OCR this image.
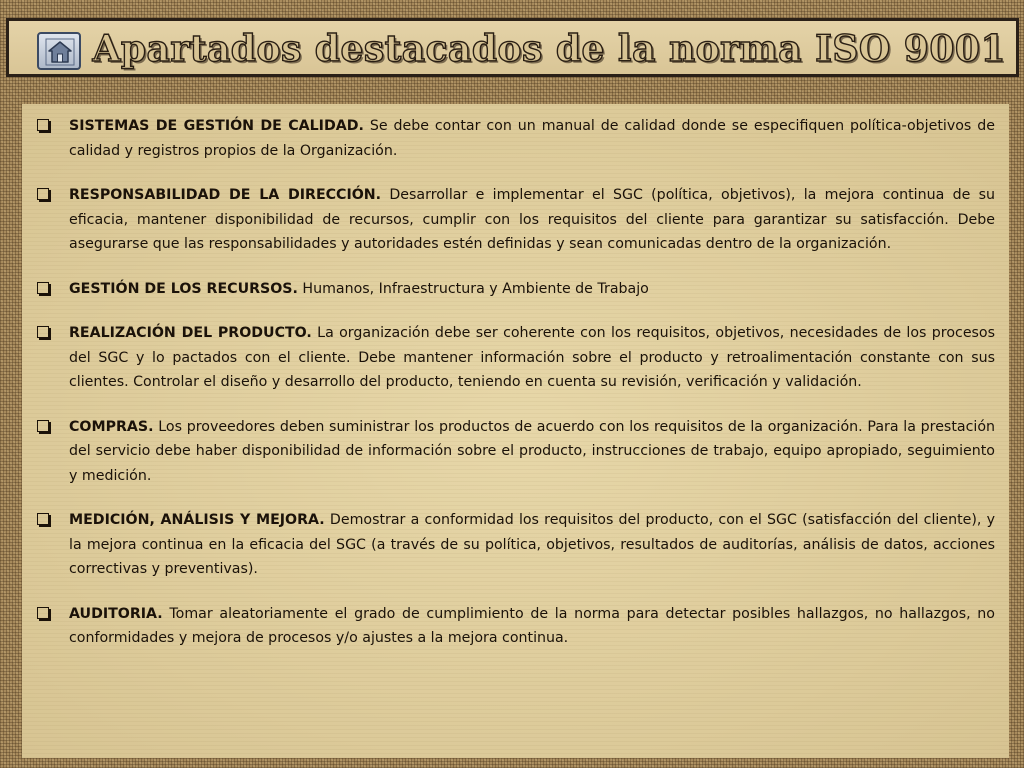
Apartados destacados de la norma ISO 9001
SISTEMAS DE GESTIÓN DE CALIDAD. Se debe contar con un manual de calidad donde se especifiquen política-objetivos de calidad y registros propios de la Organización.
RESPONSABILIDAD DE LA DIRECCIÓN. Desarrollar e implementar el SGC (política, objetivos), la mejora continua de su eficacia, mantener disponibilidad de recursos, cumplir con los requisitos del cliente para garantizar su satisfacción. Debe asegurarse que las responsabilidades y autoridades estén definidas y sean comunicadas dentro de la organización.
GESTIÓN DE LOS RECURSOS. Humanos, Infraestructura y Ambiente de Trabajo
REALIZACIÓN DEL PRODUCTO. La organización debe ser coherente con los requisitos, objetivos, necesidades de los procesos del SGC y lo pactados con el cliente. Debe mantener información sobre el producto y retroalimentación constante con sus clientes. Controlar el diseño y desarrollo del producto, teniendo en cuenta su revisión, verificación y validación.
COMPRAS. Los proveedores deben suministrar los productos de acuerdo con los requisitos de la organización. Para la prestación del servicio debe haber disponibilidad de información sobre el producto, instrucciones de trabajo, equipo apropiado, seguimiento y medición.
MEDICIÓN, ANÁLISIS Y MEJORA. Demostrar a conformidad los requisitos del producto, con el SGC (satisfacción del cliente), y la mejora continua en la eficacia del SGC (a través de su política, objetivos, resultados de auditorías, análisis de datos, acciones correctivas y preventivas).
AUDITORIA. Tomar aleatoriamente el grado de cumplimiento de la norma para detectar posibles hallazgos, no hallazgos, no conformidades y mejora de procesos y/o ajustes a la mejora continua.
